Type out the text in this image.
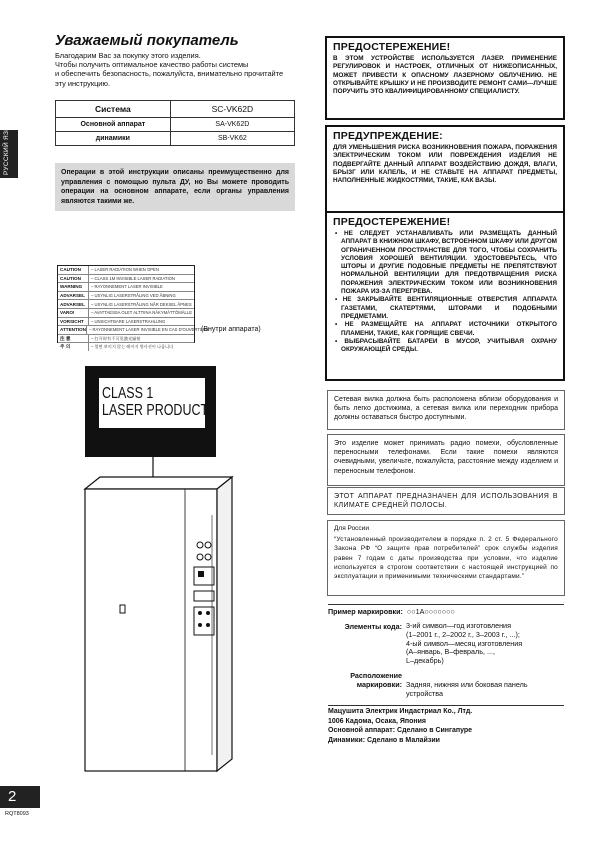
РУССКИЙ ЯЗЫК
Уважаемый покупатель
Благодарим Вас за покупку этого изделия.
Чтобы получить оптимальное качество работы системы
и обеспечить безопасность, пожалуйста, внимательно прочитайте
эту инструкцию.
Система	SC-VK62D
Основной аппарат	SA-VK62D
динамики	SB-VK62
Операции в этой инструкции описаны преимущественно для управления с помощью пульта ДУ, но Вы можете проводить операции на основном аппарате, если органы управления являются такими же.
CAUTION	– LASER RADIATION WHEN OPEN
CAUTION	– CLASS 1M INVISIBLE LASER RADIATION
WARNING	– RAYONNEMENT LASER INVISIBLE
ADVARSEL	– USYNLIG LASERSTRÅLING VED ÅBNING
ADVARSEL	– USYNLIG LASERSTRÅLING NÅR DEKSEL ÅPNES
VARO!	– AVATTAESSA OLET ALTTIINA NÄKYMÄTTÖMÄLLE
VORSICHT	– UNSICHTBARE LASERSTRAHLUNG
ATTENTION – RAYONNEMENT LASER INVISIBLE EN CAS D'OUVERTURE
注 意	– 打开时有不可见激光辐射
주 의	– 열면 보이지 않는 레이저 방사선이 나옵니다
(Внутри аппарата)
CLASS 1
LASER PRODUCT
ПРЕДОСТЕРЕЖЕНИЕ!
В ЭТОМ УСТРОЙСТВЕ ИСПОЛЬЗУЕТСЯ ЛАЗЕР. ПРИМЕНЕНИЕ РЕГУЛИРОВОК И НАСТРОЕК, ОТЛИЧНЫХ ОТ НИЖЕОПИСАННЫХ, МОЖЕТ ПРИВЕСТИ К ОПАСНОМУ ЛАЗЕРНОМУ ОБЛУЧЕНИЮ. НЕ ОТКРЫВАЙТЕ КРЫШКУ И НЕ ПРОИЗВОДИТЕ РЕМОНТ САМИ—ЛУЧШЕ ПОРУЧИТЬ ЭТО КВАЛИФИЦИРОВАННОМУ СПЕЦИАЛИСТУ.
ПРЕДУПРЕЖДЕНИЕ:
ДЛЯ УМЕНЬШЕНИЯ РИСКА ВОЗНИКНОВЕНИЯ ПОЖАРА, ПОРАЖЕНИЯ ЭЛЕКТРИЧЕСКИМ ТОКОМ ИЛИ ПОВРЕЖДЕНИЯ ИЗДЕЛИЯ НЕ ПОДВЕРГАЙТЕ ДАННЫЙ АППАРАТ ВОЗДЕЙСТВИЮ ДОЖДЯ, ВЛАГИ, БРЫЗГ ИЛИ КАПЕЛЬ, И НЕ СТАВЬТЕ НА АППАРАТ ПРЕДМЕТЫ, НАПОЛНЕННЫЕ ЖИДКОСТЯМИ, ТАКИЕ, КАК ВАЗЫ.
ПРЕДОСТЕРЕЖЕНИЕ!

• НЕ СЛЕДУЕТ УСТАНАВЛИВАТЬ ИЛИ РАЗМЕЩАТЬ ДАННЫЙ АППАРАТ В КНИЖНОМ ШКАФУ, ВСТРОЕННОМ ШКАФУ ИЛИ ДРУГОМ ОГРАНИЧЕННОМ ПРОСТРАНСТВЕ ДЛЯ ТОГО, ЧТОБЫ СОХРАНИТЬ УСЛОВИЯ ХОРОШЕЙ ВЕНТИЛЯЦИИ. УДОСТОВЕРЬТЕСЬ, ЧТО ШТОРЫ И ДРУГИЕ ПОДОБНЫЕ ПРЕДМЕТЫ НЕ ПРЕПЯТСТВУЮТ НОРМАЛЬНОЙ ВЕНТИЛЯЦИИ ДЛЯ ПРЕДОТВРАЩЕНИЯ РИСКА ПОРАЖЕНИЯ ЭЛЕКТРИЧЕСКИМ ТОКОМ ИЛИ ВОЗНИКНОВЕНИЯ ПОЖАРА ИЗ-ЗА ПЕРЕГРЕВА.

• НЕ ЗАКРЫВАЙТЕ ВЕНТИЛЯЦИОННЫЕ ОТВЕРСТИЯ АППАРАТА ГАЗЕТАМИ, СКАТЕРТЯМИ, ШТОРАМИ И ПОДОБНЫМИ ПРЕДМЕТАМИ.

• НЕ РАЗМЕЩАЙТЕ НА АППАРАТ ИСТОЧНИКИ ОТКРЫТОГО ПЛАМЕНИ, ТАКИЕ, КАК ГОРЯЩИЕ СВЕЧИ.

• ВЫБРАСЫВАЙТЕ БАТАРЕИ В МУСОР, УЧИТЫВАЯ ОХРАНУ ОКРУЖАЮЩЕЙ СРЕДЫ.

Сетевая вилка должна быть расположена вблизи оборудования и быть легко достижима, а сетевая вилка или переходник прибора должны оставаться быстро доступными.
Это изделие может принимать радио помехи, обусловленные переносными телефонами. Если такие помехи являются очевидными, увеличьте, пожалуйста, расстояние между изделием и переносным телефоном.
ЭТОТ АППАРАТ ПРЕДНАЗНАЧЕН ДЛЯ ИСПОЛЬЗОВАНИЯ В КЛИМАТЕ СРЕДНЕЙ ПОЛОСЫ.
Для России
“Установленный производителем в порядке п. 2 ст. 5 Федерального Закона РФ “О защите прав потребителей” срок службы изделия равен 7 годам с даты производства при условии, что изделие используется в строгом соответствии с настоящей инструкцией по эксплуатации и применимыми техническими стандартами.”
Пример маркировки: ○○1А○○○○○○○
Элементы кода: 3-ий символ—год изготовления
(1–2001 г., 2–2002 г., 3–2003 г., ...);
4-ый символ—месяц изготовления
(А–январь, В–февраль, ...,
L–декабрь)
Расположение
маркировки: Задняя, нижняя или боковая панель
устройства
Мацушита Электрик Индастриал Ко., Лтд.
1006 Кадома, Осака, Япония
Основной аппарат: Сделано в Сингапуре
Динамики: Сделано в Малайзии
2
RQT8093
